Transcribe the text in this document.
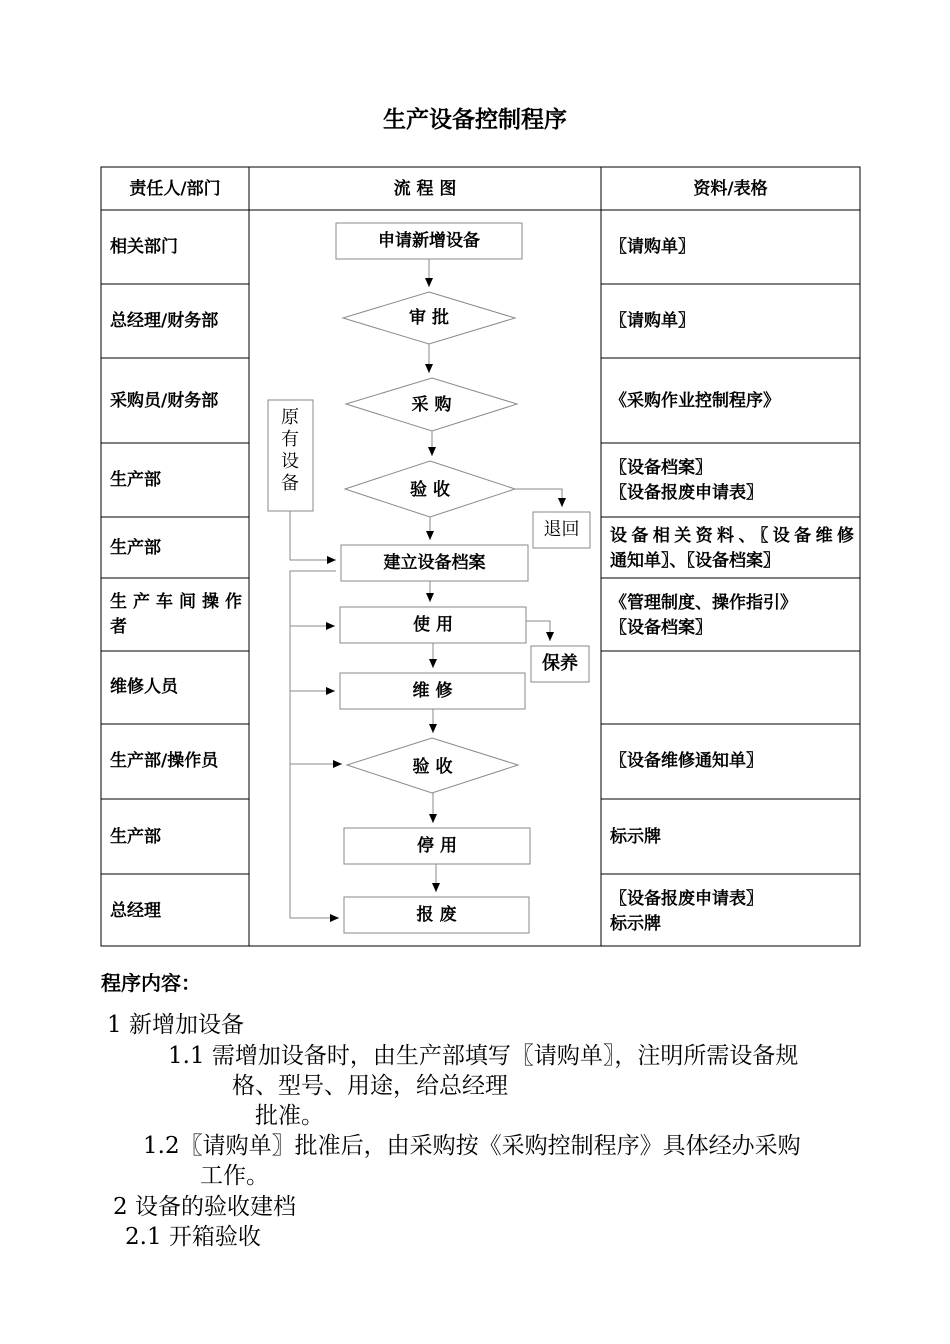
生产设备控制程序
责任人/部门	流 程 图	资料/表格
相关部门
总经理/财务部
采购员/财务部
生产部
生产部
生产车间操作
者
维修人员
生产部/操作员
生产部
总经理
〖请购单〗
〖请购单〗
《采购作业控制程序》
〖设备档案〗
〖设备报废申请表〗
设备相关资料、〖设备维修
通知单〗、〖设备档案〗
《管理制度、操作指引》
〖设备档案〗
〖设备维修通知单〗
标示牌
〖设备报废申请表〗
标示牌
申请新增设备
审 批
采 购
验 收
退回
原有设备
建立设备档案
使 用
保养
维 修
验 收
停 用
报 废
程序内容：
1 新增加设备
1.1 需增加设备时，由生产部填写〖请购单〗，注明所需设备规
格、型号、用途，给总经理
批准。
1.2〖请购单〗批准后，由采购按《采购控制程序》具体经办采购
工作。
2 设备的验收建档
2.1 开箱验收
